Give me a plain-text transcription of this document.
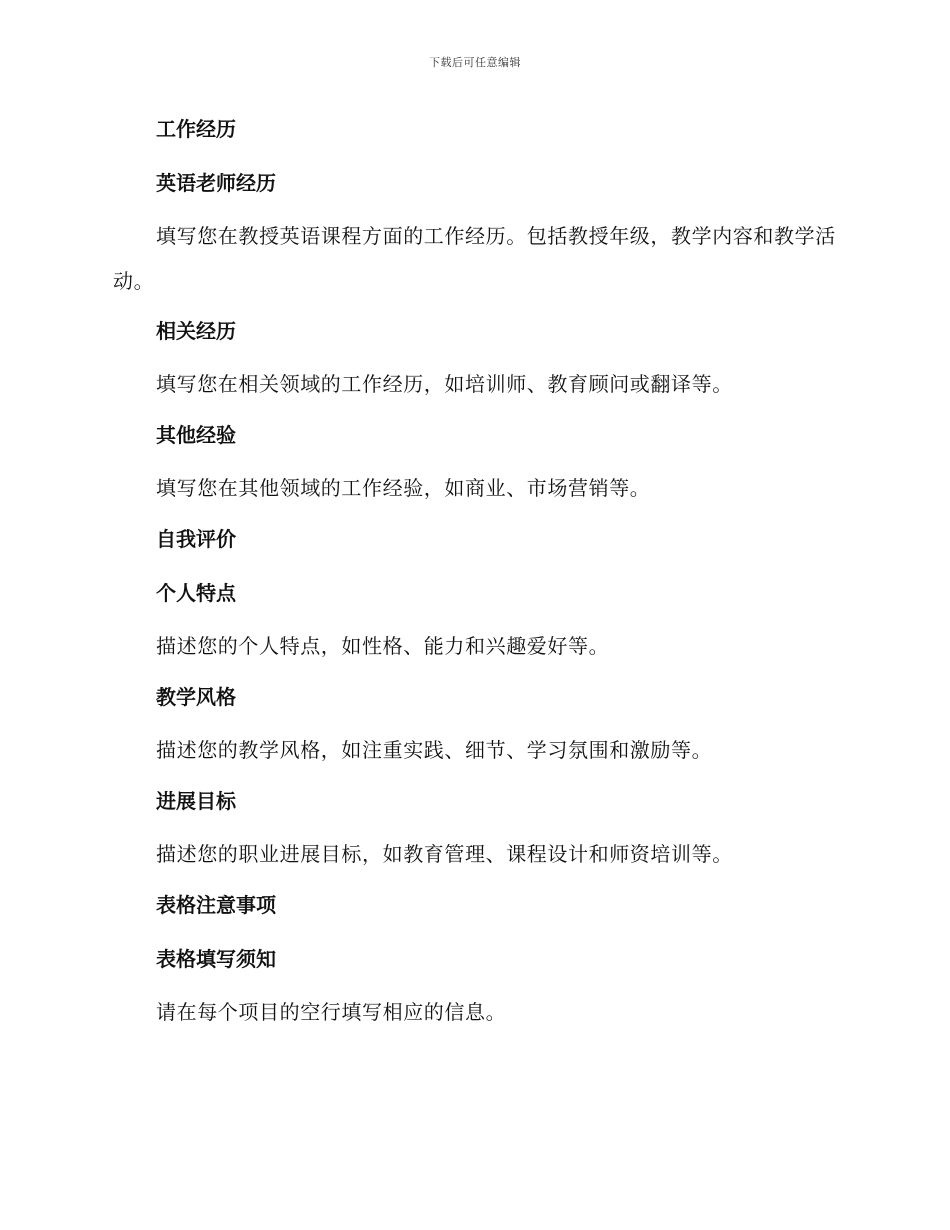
下载后可任意编辑
工作经历
英语老师经历
填写您在教授英语课程方面的工作经历。包括教授年级，教学内容和教学活动。
相关经历
填写您在相关领域的工作经历，如培训师、教育顾问或翻译等。
其他经验
填写您在其他领域的工作经验，如商业、市场营销等。
自我评价
个人特点
描述您的个人特点，如性格、能力和兴趣爱好等。
教学风格
描述您的教学风格，如注重实践、细节、学习氛围和激励等。
进展目标
描述您的职业进展目标，如教育管理、课程设计和师资培训等。
表格注意事项
表格填写须知
请在每个项目的空行填写相应的信息。
